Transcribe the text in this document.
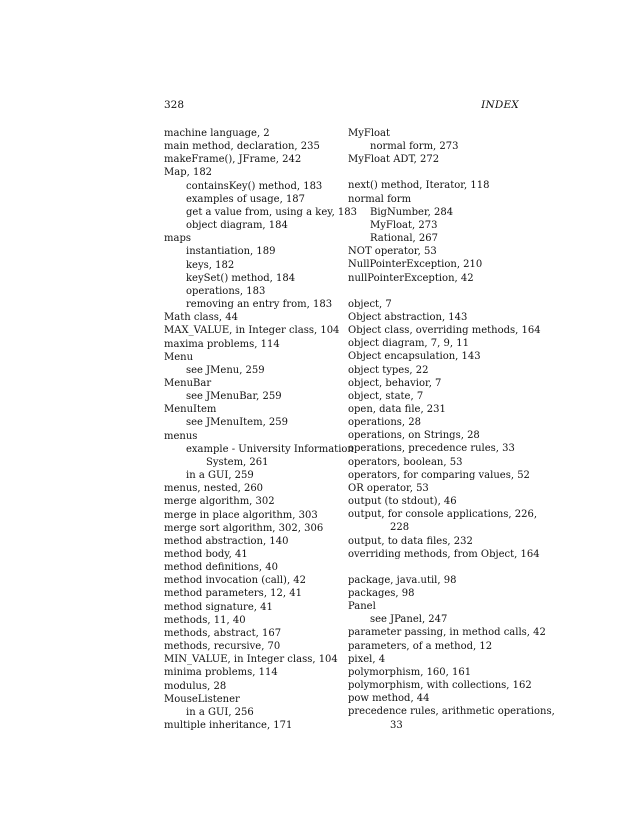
328	INDEX
machine language, 2
main method, declaration, 235
makeFrame(), JFrame, 242
Map, 182
containsKey() method, 183
examples of usage, 187
get a value from, using a key, 183
object diagram, 184
maps
instantiation, 189
keys, 182
keySet() method, 184
operations, 183
removing an entry from, 183
Math class, 44
MAX_VALUE, in Integer class, 104
maxima problems, 114
Menu
see JMenu, 259
MenuBar
see JMenuBar, 259
MenuItem
see JMenuItem, 259
menus
example - University Information
System, 261
in a GUI, 259
menus, nested, 260
merge algorithm, 302
merge in place algorithm, 303
merge sort algorithm, 302, 306
method abstraction, 140
method body, 41
method definitions, 40
method invocation (call), 42
method parameters, 12, 41
method signature, 41
methods, 11, 40
methods, abstract, 167
methods, recursive, 70
MIN_VALUE, in Integer class, 104
minima problems, 114
modulus, 28
MouseListener
in a GUI, 256
multiple inheritance, 171
MyFloat
normal form, 273
MyFloat ADT, 272
next() method, Iterator, 118
normal form
BigNumber, 284
MyFloat, 273
Rational, 267
NOT operator, 53
NullPointerException, 210
nullPointerException, 42
object, 7
Object abstraction, 143
Object class, overriding methods, 164
object diagram, 7, 9, 11
Object encapsulation, 143
object types, 22
object, behavior, 7
object, state, 7
open, data file, 231
operations, 28
operations, on Strings, 28
operations, precedence rules, 33
operators, boolean, 53
operators, for comparing values, 52
OR operator, 53
output (to stdout), 46
output, for console applications, 226,
228
output, to data files, 232
overriding methods, from Object, 164
package, java.util, 98
packages, 98
Panel
see JPanel, 247
parameter passing, in method calls, 42
parameters, of a method, 12
pixel, 4
polymorphism, 160, 161
polymorphism, with collections, 162
pow method, 44
precedence rules, arithmetic operations,
33
